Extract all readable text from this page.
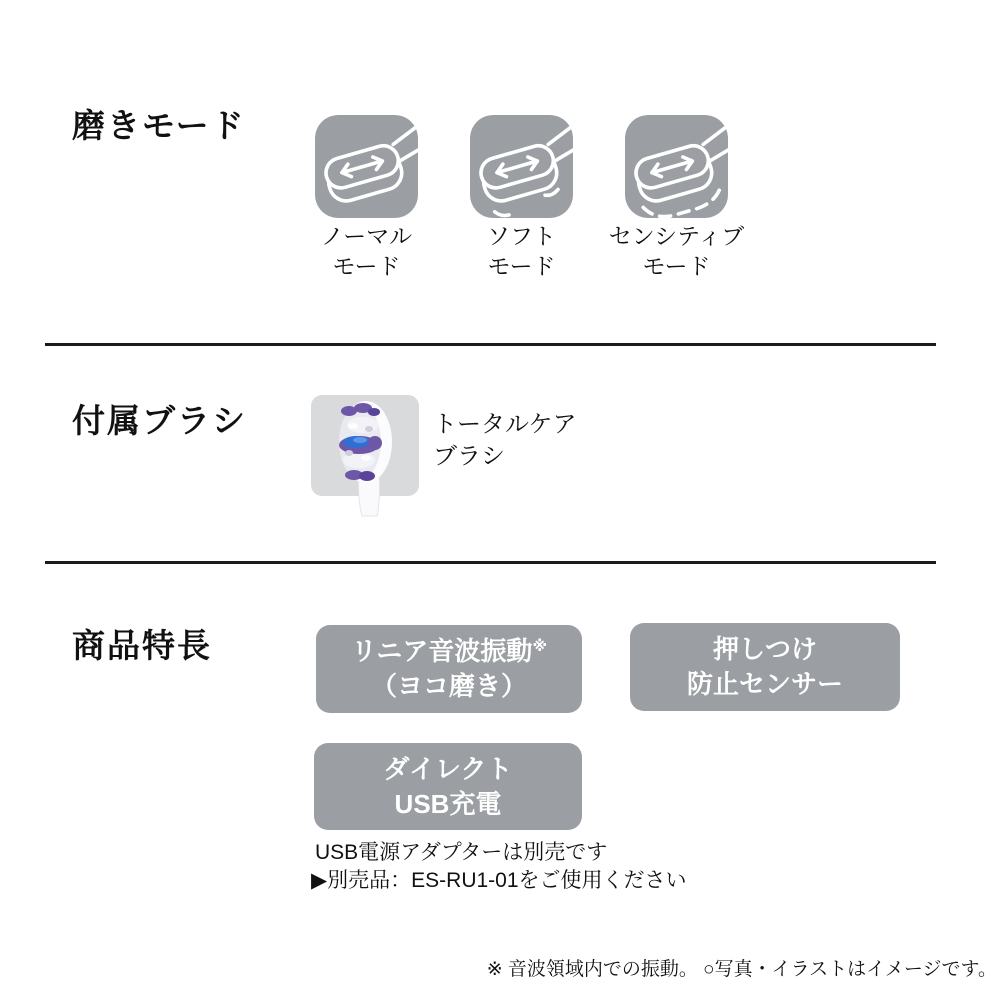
磨きモード
ノーマル
モード
ソフト
モード
センシティブ
モード
付属ブラシ	トータルケア
ブラシ
商品特長	リニア音波振動※
（ヨコ磨き）
押しつけ
防止センサー
ダイレクト
USB充電
USB電源アダプターは別売です
▶別売品：ES-RU1-01をご使用ください
※ 音波領域内での振動。 ○写真・イラストはイメージです。
